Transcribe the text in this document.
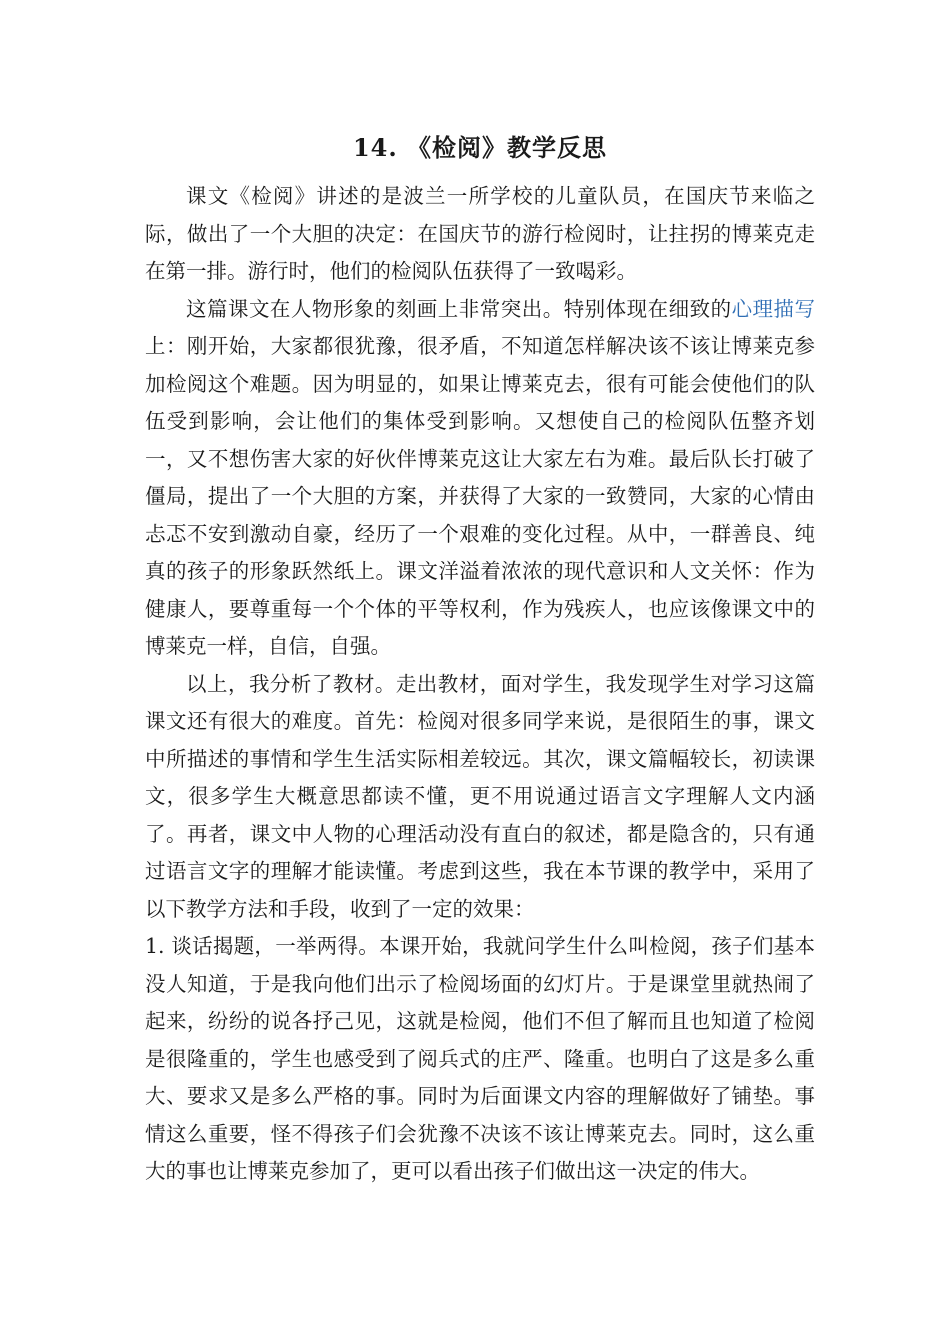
14. 《检阅》教学反思

课文《检阅》讲述的是波兰一所学校的儿童队员，在国庆节来临之际，做出了一个大胆的决定：在国庆节的游行检阅时，让拄拐的博莱克走在第一排。游行时，他们的检阅队伍获得了一致喝彩。

这篇课文在人物形象的刻画上非常突出。特别体现在细致的心理描写上：刚开始，大家都很犹豫，很矛盾，不知道怎样解决该不该让博莱克参加检阅这个难题。因为明显的，如果让博莱克去，很有可能会使他们的队伍受到影响，会让他们的集体受到影响。又想使自己的检阅队伍整齐划一，又不想伤害大家的好伙伴博莱克这让大家左右为难。最后队长打破了僵局，提出了一个大胆的方案，并获得了大家的一致赞同，大家的心情由忐忑不安到激动自豪，经历了一个艰难的变化过程。从中，一群善良、纯真的孩子的形象跃然纸上。课文洋溢着浓浓的现代意识和人文关怀：作为健康人，要尊重每一个个体的平等权利，作为残疾人，也应该像课文中的博莱克一样，自信，自强。

以上，我分析了教材。走出教材，面对学生，我发现学生对学习这篇课文还有很大的难度。首先：检阅对很多同学来说，是很陌生的事，课文中所描述的事情和学生生活实际相差较远。其次，课文篇幅较长，初读课文，很多学生大概意思都读不懂，更不用说通过语言文字理解人文内涵了。再者，课文中人物的心理活动没有直白的叙述，都是隐含的，只有通过语言文字的理解才能读懂。考虑到这些，我在本节课的教学中，采用了以下教学方法和手段，收到了一定的效果：

1. 谈话揭题，一举两得。本课开始，我就问学生什么叫检阅，孩子们基本没人知道，于是我向他们出示了检阅场面的幻灯片。于是课堂里就热闹了起来，纷纷的说各抒己见，这就是检阅，他们不但了解而且也知道了检阅是很隆重的，学生也感受到了阅兵式的庄严、隆重。也明白了这是多么重大、要求又是多么严格的事。同时为后面课文内容的理解做好了铺垫。事情这么重要，怪不得孩子们会犹豫不决该不该让博莱克去。同时，这么重大的事也让博莱克参加了，更可以看出孩子们做出这一决定的伟大。
